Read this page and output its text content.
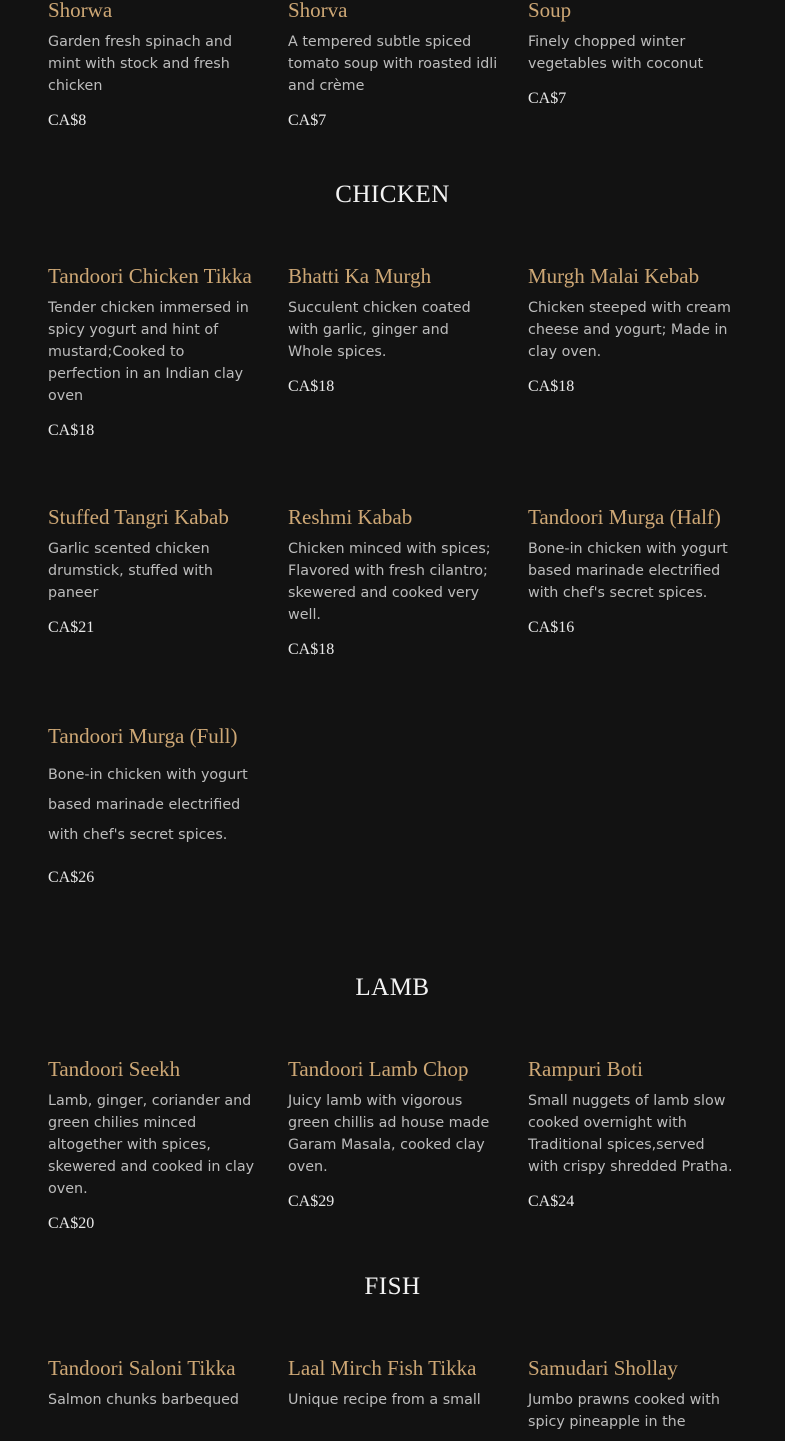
Shorwa

Garden fresh spinach and mint with stock and fresh chicken

CA$8
Shorva

A tempered subtle spiced tomato soup with roasted idli and crème

CA$7
Soup

Finely chopped winter vegetables with coconut

CA$7
CHICKEN
Tandoori Chicken Tikka

Tender chicken immersed in spicy yogurt and hint of mustard;Cooked to perfection in an Indian clay oven

CA$18
Bhatti Ka Murgh

Succulent chicken coated with garlic, ginger and Whole spices.

CA$18
Murgh Malai Kebab

Chicken steeped with cream cheese and yogurt; Made in clay oven.

CA$18
Stuffed Tangri Kabab

Garlic scented chicken drumstick, stuffed with paneer

CA$21
Reshmi Kabab

Chicken minced with spices; Flavored with fresh cilantro; skewered and cooked very well.

CA$18
Tandoori Murga (Half)

Bone-in chicken with yogurt based marinade electrified with chef's secret spices.

CA$16
Tandoori Murga (Full)

Bone-in chicken with yogurt based marinade electrified with chef's secret spices.

CA$26
LAMB
Tandoori Seekh

Lamb, ginger, coriander and green chilies minced altogether with spices, skewered and cooked in clay oven.

CA$20
Tandoori Lamb Chop

Juicy lamb with vigorous green chillis ad house made Garam Masala, cooked clay oven.

CA$29
Rampuri Boti

Small nuggets of lamb slow cooked overnight with Traditional spices,served with crispy shredded Pratha.

CA$24
FISH
Tandoori Saloni Tikka

Salmon chunks barbequed

Laal Mirch Fish Tikka

Unique recipe from a small

Samudari Shollay

Jumbo prawns cooked with spicy pineapple in the
